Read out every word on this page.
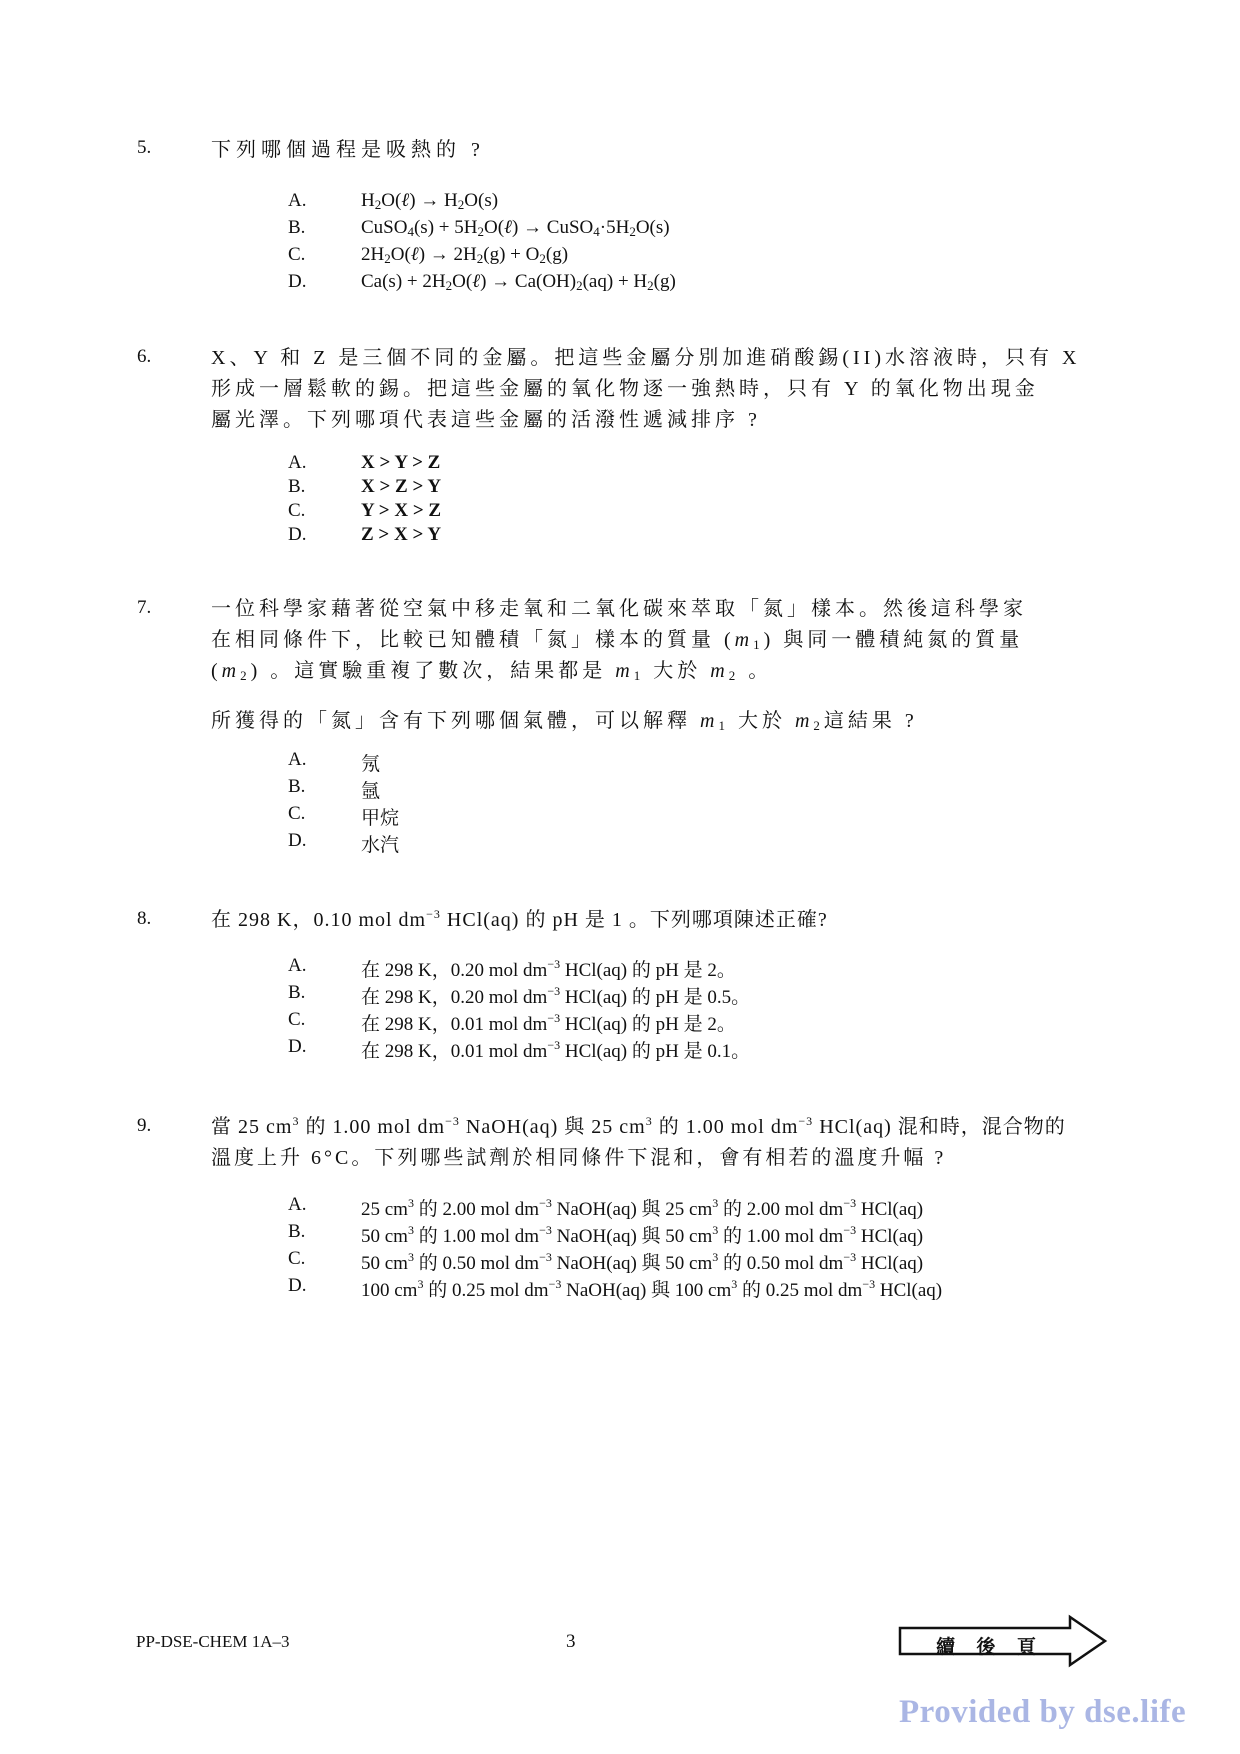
5.	下列哪個過程是吸熱的 ?
A.	$H_2O(\ell) \to H_2O(s)$
B.	CuSO$_4$(s) + $5H_2O(\ell)$ → $CuSO_4\cdot 5H_2O(s)$
C.	$2H_2O(\ell) \to 2H_2(g) + O_2(g)$
D.	$Ca(s) + 2H_2O(\ell) \to Ca(OH)_2(aq) + H_2(g)$
6.	X、Y 和 Z 是三個不同的金屬。把這些金屬分別加進硝酸錫(II)水溶液時，只有 X
形成一層鬆軟的錫。把這些金屬的氧化物逐一強熱時，只有 Y 的氧化物出現金
屬光澤。下列哪項代表這些金屬的活潑性遞減排序 ?
A.	X > Y > Z
B.	X > Z > Y
C.	Y > X > Z
D.	Z > X > Y
7.	一位科學家藉著從空氣中移走氧和二氧化碳來萃取「氮」樣本。然後這科學家
在相同條件下，比較已知體積「氮」樣本的質量 $(m_1)$ 與同一體積純氮的質量
$(m_2)$ 。這實驗重複了數次，結果都是 $m_1$ 大於 $m_2$ 。
所獲得的「氮」含有下列哪個氣體，可以解釋 $m_1$ 大於 $m_2$這結果 ?
A.	氖
B.	氬
C.	甲烷
D.	水汽
8.	在 298 K，0.10 mol $dm^{-3}$ HCl(aq) 的 pH 是 1 。下列哪項陳述正確?
A.	在 298 K，0.20 mol $dm^{-3}$ HCl(aq) 的 pH 是 2。
B.	在 298 K，0.20 mol $dm^{-3}$ HCl(aq) 的 pH 是 0.5。
C.	在 298 K，0.01 mol $dm^{-3}$ HCl(aq) 的 pH 是 2。
D.	在 298 K，0.01 mol $dm^{-3}$ HCl(aq) 的 pH 是 0.1。
9.	當 25 $cm^3$ 的 1.00 mol $dm^{-3}$ NaOH(aq) 與 25 $cm^3$ 的 1.00 mol $dm^{-3}$ HCl(aq) 混和時，混合物的
溫度上升 6°C。下列哪些試劑於相同條件下混和，會有相若的溫度升幅 ?
A.	25 $cm^3$ 的 2.00 mol $dm^{-3}$ NaOH(aq) 與 25 $cm^3$ 的 2.00 mol $dm^{-3}$ HCl(aq)
B.	50 $cm^3$ 的 1.00 mol $dm^{-3}$ NaOH(aq) 與 50 $cm^3$ 的 1.00 mol $dm^{-3}$ HCl(aq)
C.	50 $cm^3$ 的 0.50 mol $dm^{-3}$ NaOH(aq) 與 50 $cm^3$ 的 0.50 mol $dm^{-3}$ HCl(aq)
D.	100 $cm^3$ 的 0.25 mol $dm^{-3}$ NaOH(aq) 與 100 $cm^3$ 的 0.25 mol $dm^{-3}$ HCl(aq)
PP-DSE-CHEM 1A–3	3	續 後 頁
Provided by dse.life
